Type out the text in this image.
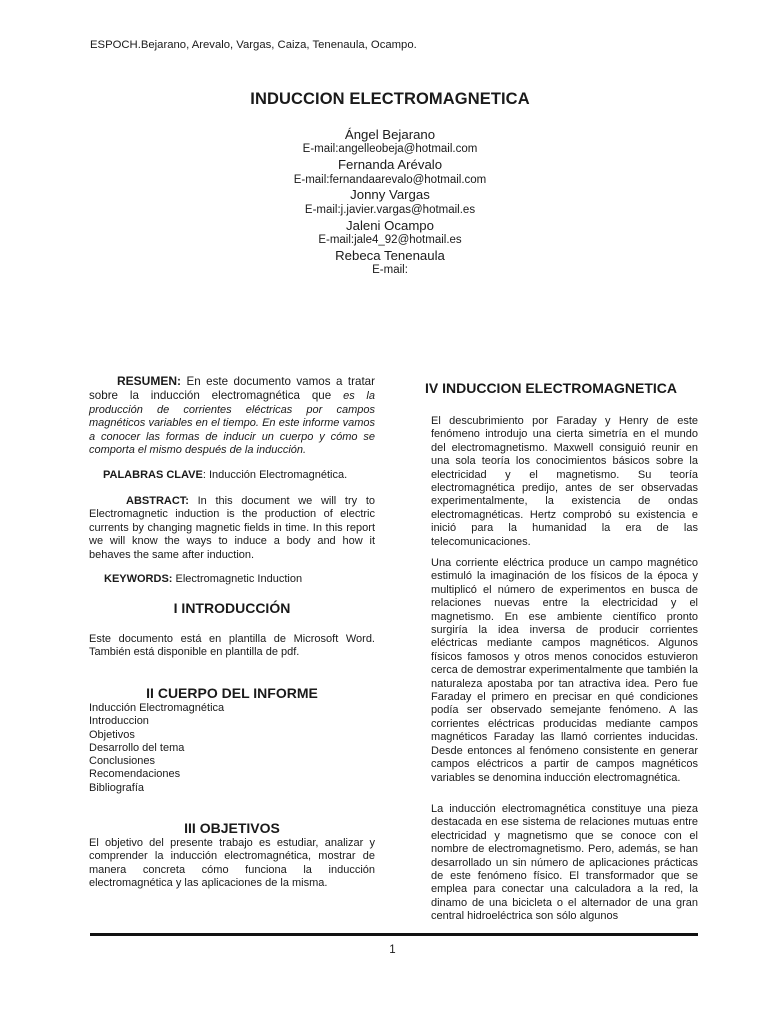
ESPOCH.Bejarano, Arevalo, Vargas, Caiza, Tenenaula, Ocampo.
INDUCCION ELECTROMAGNETICA
Ángel Bejarano
E-mail:angelleobeja@hotmail.com
Fernanda Arévalo
E-mail:fernandaarevalo@hotmail.com
Jonny Vargas
E-mail:j.javier.vargas@hotmail.es
Jaleni Ocampo
E-mail:jale4_92@hotmail.es
Rebeca Tenenaula
E-mail:
RESUMEN: En este documento vamos a tratar sobre la inducción electromagnética que es la producción de corrientes eléctricas por campos magnéticos variables en el tiempo. En este informe vamos a conocer las formas de inducir un cuerpo y cómo se comporta el mismo después de la inducción.
PALABRAS CLAVE: Inducción Electromagnética.
ABSTRACT: In this document we will try to Electromagnetic induction is the production of electric currents by changing magnetic fields in time. In this report we will know the ways to induce a body and how it behaves the same after induction.
KEYWORDS: Electromagnetic Induction
I INTRODUCCIÓN
Este documento está en plantilla de Microsoft Word. También está disponible en plantilla de pdf.
II CUERPO DEL INFORME
Inducción Electromagnética
Introduccion
Objetivos
Desarrollo del tema
Conclusiones
Recomendaciones
Bibliografía
III OBJETIVOS
El objetivo del presente trabajo es estudiar, analizar y comprender la inducción electromagnética, mostrar de manera concreta cómo funciona la inducción electromagnética y las aplicaciones de la misma.
IV INDUCCION ELECTROMAGNETICA
El descubrimiento por Faraday y Henry de este fenómeno introdujo una cierta simetría en el mundo del electromagnetismo. Maxwell consiguió reunir en una sola teoría los conocimientos básicos sobre la electricidad y el magnetismo. Su teoría electromagnética predijo, antes de ser observadas experimentalmente, la existencia de ondas electromagnéticas. Hertz comprobó su existencia e inició para la humanidad la era de las telecomunicaciones.
Una corriente eléctrica produce un campo magnético estimuló la imaginación de los físicos de la época y multiplicó el número de experimentos en busca de relaciones nuevas entre la electricidad y el magnetismo. En ese ambiente científico pronto surgiría la idea inversa de producir corrientes eléctricas mediante campos magnéticos. Algunos físicos famosos y otros menos conocidos estuvieron cerca de demostrar experimentalmente que también la naturaleza apostaba por tan atractiva idea. Pero fue Faraday el primero en precisar en qué condiciones podía ser observado semejante fenómeno. A las corrientes eléctricas producidas mediante campos magnéticos Faraday las llamó corrientes inducidas. Desde entonces al fenómeno consistente en generar campos eléctricos a partir de campos magnéticos variables se denomina inducción electromagnética.
La inducción electromagnética constituye una pieza destacada en ese sistema de relaciones mutuas entre electricidad y magnetismo que se conoce con el nombre de electromagnetismo. Pero, además, se han desarrollado un sin número de aplicaciones prácticas de este fenómeno físico. El transformador que se emplea para conectar una calculadora a la red, la dinamo de una bicicleta o el alternador de una gran central hidroeléctrica son sólo algunos
1
